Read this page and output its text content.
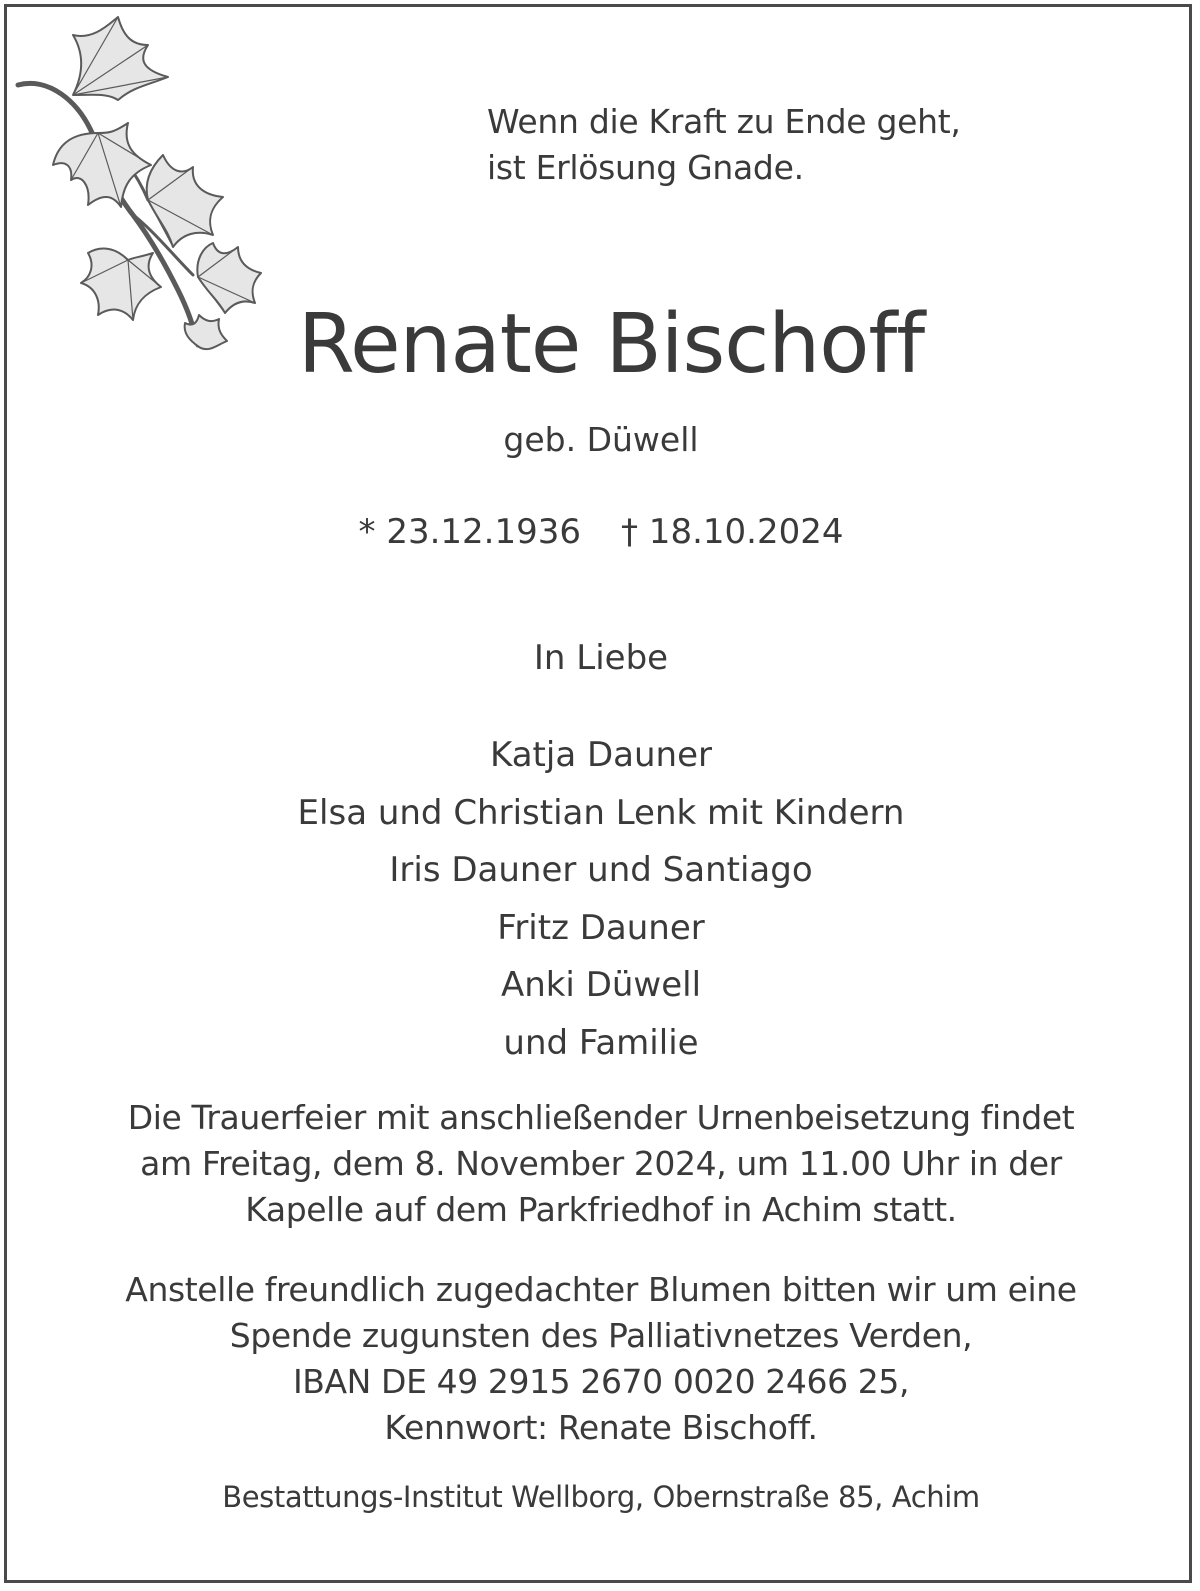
Wenn die Kraft zu Ende geht,
ist Erlösung Gnade.
Renate Bischoff
geb. Düwell
* 23.12.1936 † 18.10.2024
In Liebe
Katja Dauner
Elsa und Christian Lenk mit Kindern
Iris Dauner und Santiago
Fritz Dauner
Anki Düwell
und Familie
Die Trauerfeier mit anschließender Urnenbeisetzung findet
am Freitag, dem 8. November 2024, um 11.00 Uhr in der
Kapelle auf dem Parkfriedhof in Achim statt.
Anstelle freundlich zugedachter Blumen bitten wir um eine
Spende zugunsten des Palliativnetzes Verden,
IBAN DE 49 2915 2670 0020 2466 25,
Kennwort: Renate Bischoff.
Bestattungs-Institut Wellborg, Obernstraße 85, Achim
